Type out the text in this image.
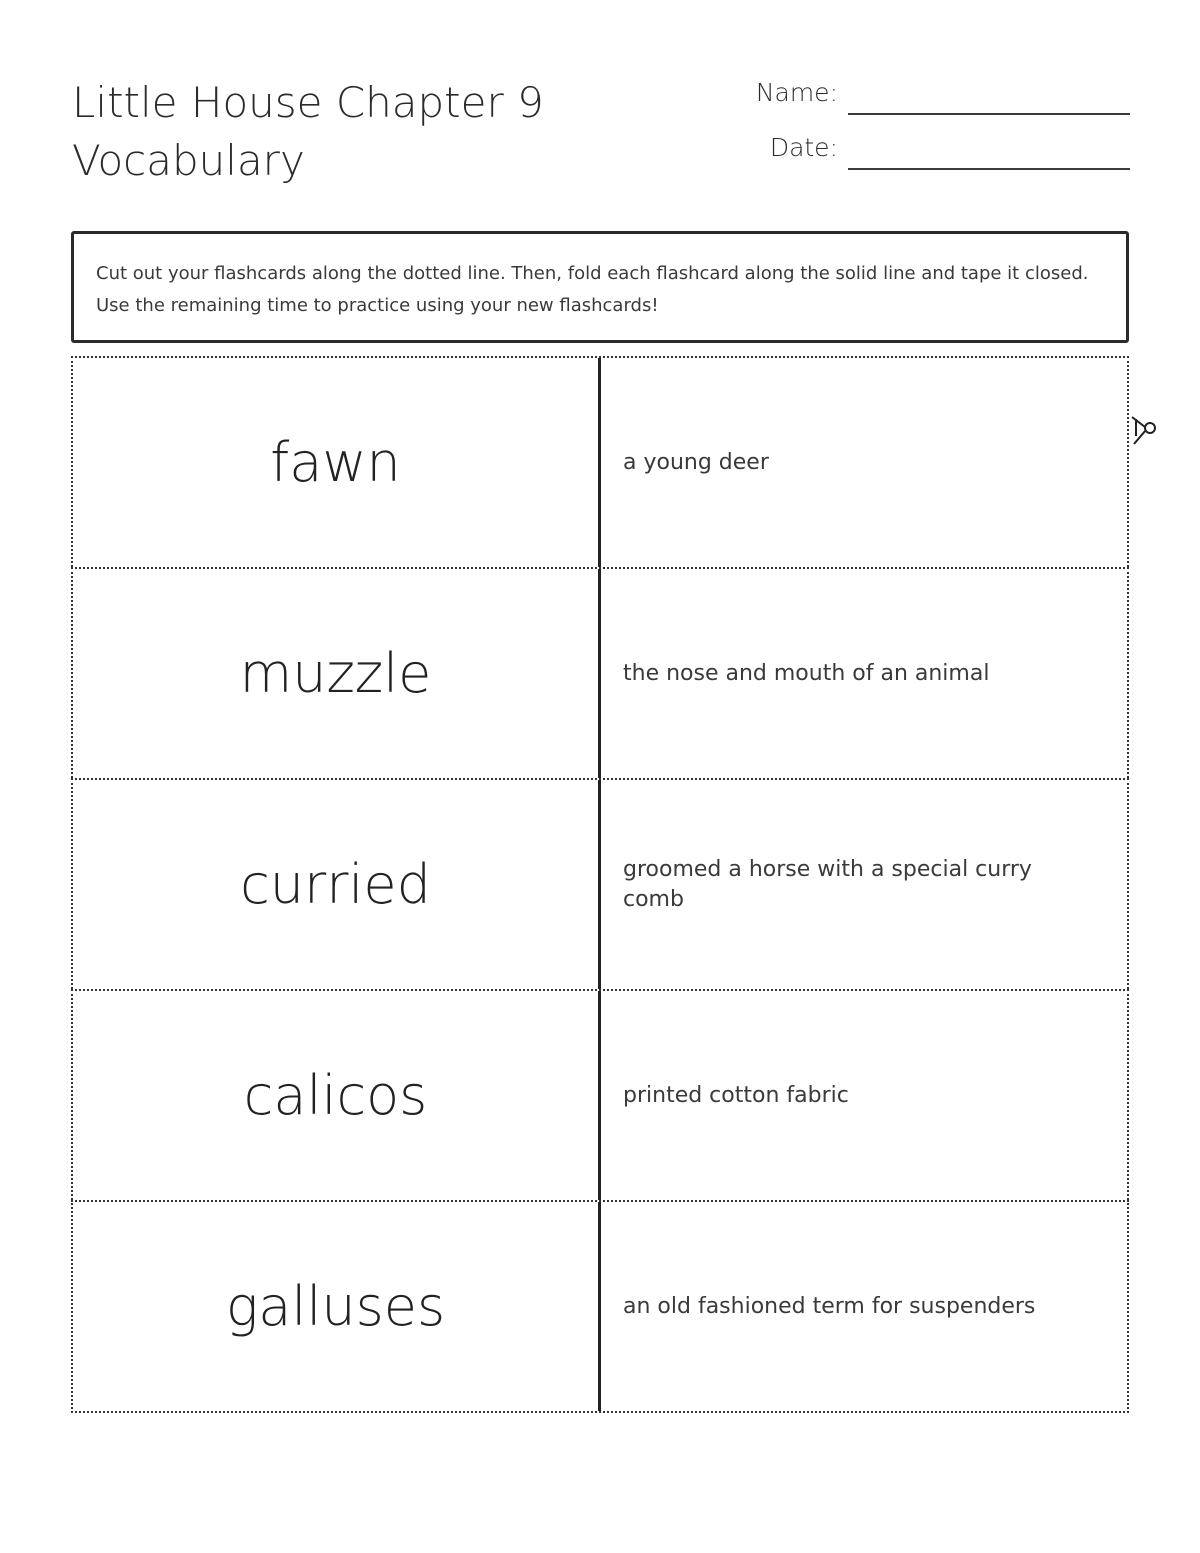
Little House Chapter 9
Vocabulary
Name:
Date:
Cut out your flashcards along the dotted line. Then, fold each flashcard along the solid line and tape it closed. Use the remaining time to practice using your new flashcards!
fawn	a young deer
muzzle	the nose and mouth of an animal
curried	groomed a horse with a special curry comb
calicos	printed cotton fabric
galluses	an old fashioned term for suspenders
